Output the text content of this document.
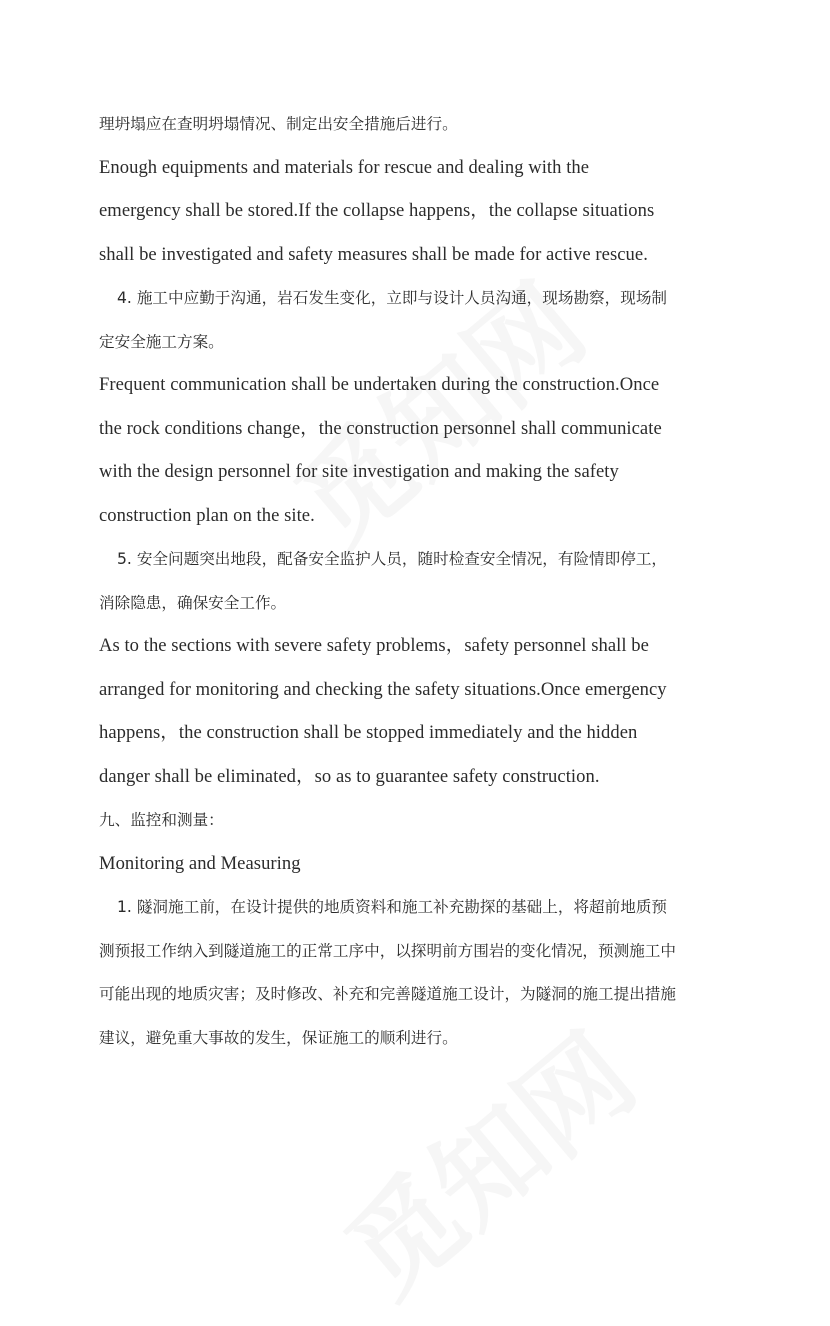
理坍塌应在查明坍塌情况、制定出安全措施后进行。
Enough equipments and materials for rescue and dealing with the
emergency shall be stored.If the collapse happens，the collapse situations
shall be investigated and safety measures shall be made for active rescue.
4. 施工中应勤于沟通，岩石发生变化，立即与设计人员沟通，现场勘察，现场制
定安全施工方案。
Frequent communication shall be undertaken during the construction.Once
the rock conditions change，the construction personnel shall communicate
with the design personnel for site investigation and making the safety
construction plan on the site.
5. 安全问题突出地段，配备安全监护人员，随时检查安全情况，有险情即停工，
消除隐患，确保安全工作。
As to the sections with severe safety problems，safety personnel shall be
arranged for monitoring and checking the safety situations.Once emergency
happens，the construction shall be stopped immediately and the hidden
danger shall be eliminated，so as to guarantee safety construction.
九、监控和测量：
Monitoring and Measuring
1. 隧洞施工前，在设计提供的地质资料和施工补充勘探的基础上，将超前地质预
测预报工作纳入到隧道施工的正常工序中，以探明前方围岩的变化情况，预测施工中
可能出现的地质灾害；及时修改、补充和完善隧道施工设计，为隧洞的施工提出措施
建议，避免重大事故的发生，保证施工的顺利进行。
